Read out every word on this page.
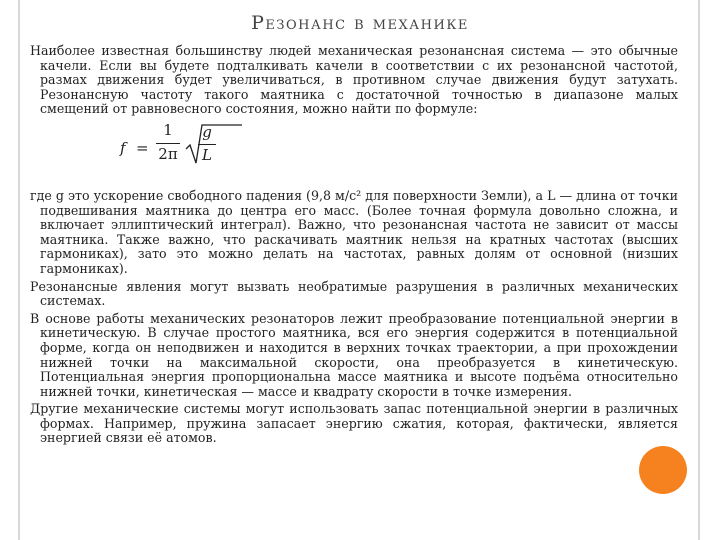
Резонанс в механике

Наиболее известная большинству людей механическая резонансная система — это обычные качели. Если вы будете подталкивать качели в соответствии с их резонансной частотой, размах движения будет увеличиваться, в противном случае движения будут затухать. Резонансную частоту такого маятника с достаточной точностью в диапазоне малых смещений от равновесного состояния, можно найти по формуле:

f =
1
2π
g
L

где g это ускорение свободного падения (9,8 м/с² для поверхности Земли), а L — длина от точки подвешивания маятника до центра его масс. (Более точная формула довольно сложна, и включает эллиптический интеграл). Важно, что резонансная частота не зависит от массы маятника. Также важно, что раскачивать маятник нельзя на кратных частотах (высших гармониках), зато это можно делать на частотах, равных долям от основной (низших гармониках).

Резонансные явления могут вызвать необратимые разрушения в различных механических системах.

В основе работы механических резонаторов лежит преобразование потенциальной энергии в кинетическую. В случае простого маятника, вся его энергия содержится в потенциальной форме, когда он неподвижен и находится в верхних точках траектории, а при прохождении нижней точки на максимальной скорости, она преобразуется в кинетическую. Потенциальная энергия пропорциональна массе маятника и высоте подъёма относительно нижней точки, кинетическая — массе и квадрату скорости в точке измерения.

Другие механические системы могут использовать запас потенциальной энергии в различных формах. Например, пружина запасает энергию сжатия, которая, фактически, является энергией связи её атомов.
